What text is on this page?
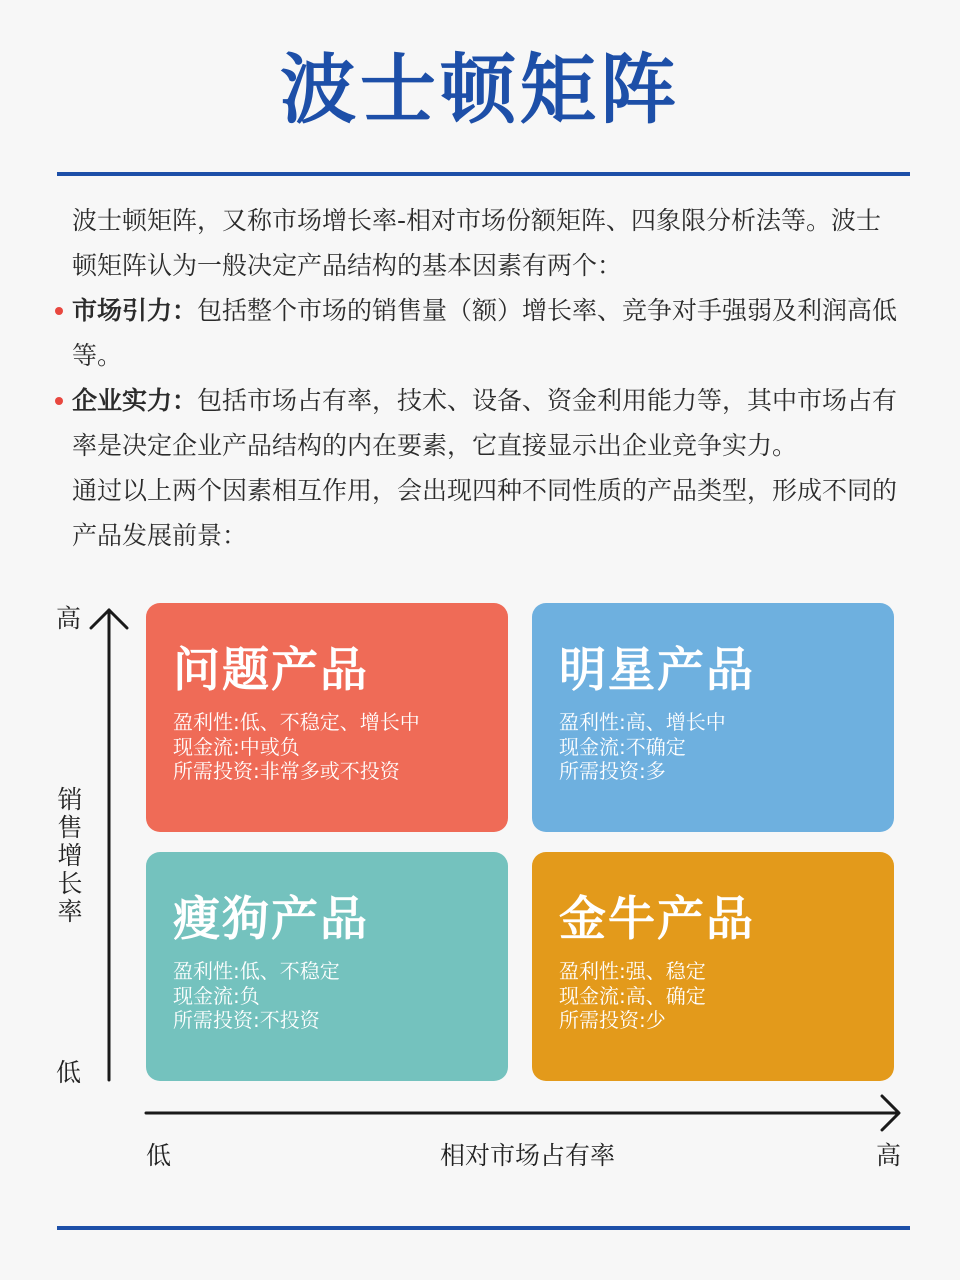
波士顿矩阵

波士顿矩阵，又称市场增长率-相对市场份额矩阵、四象限分析法等。波士顿矩阵认为一般决定产品结构的基本因素有两个：

市场引力：包括整个市场的销售量（额）增长率、竞争对手强弱及利润高低等。

企业实力：包括市场占有率，技术、设备、资金利用能力等，其中市场占有率是决定企业产品结构的内在要素，它直接显示出企业竞争实力。

通过以上两个因素相互作用，会出现四种不同性质的产品类型，形成不同的产品发展前景：

高
销售增长率
低
低	相对市场占有率	高
问题产品
盈利性:低、不稳定、增长中
现金流:中或负
所需投资:非常多或不投资
明星产品
盈利性:高、增长中
现金流:不确定
所需投资:多
瘦狗产品
盈利性:低、不稳定
现金流:负
所需投资:不投资
金牛产品
盈利性:强、稳定
现金流:高、确定
所需投资:少
